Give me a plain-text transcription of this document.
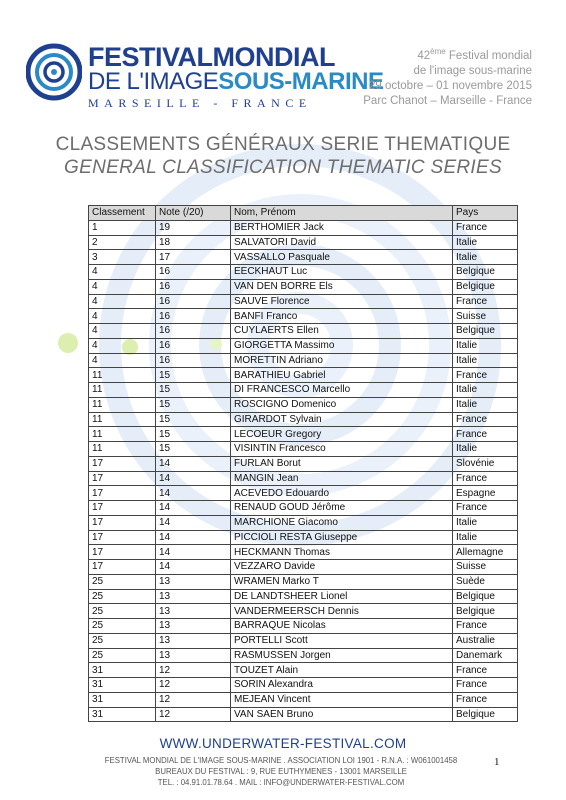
FESTIVALMONDIAL
DE L'IMAGESOUS-MARINE
MARSEILLE - FRANCE
42ème Festival mondial
de l'image sous-marine
29 octobre – 01 novembre 2015
Parc Chanot – Marseille - France
CLASSEMENTS GÉNÉRAUX SERIE THEMATIQUE
GENERAL CLASSIFICATION THEMATIC SERIES
Classement	Note (/20)	Nom, Prénom	Pays
1	19	BERTHOMIER Jack	France
2	18	SALVATORI David	Italie
3	17	VASSALLO Pasquale	Italie
4	16	EECKHAUT Luc	Belgique
4	16	VAN DEN BORRE Els	Belgique
4	16	SAUVE Florence	France
4	16	BANFI Franco	Suisse
4	16	CUYLAERTS Ellen	Belgique
4	16	GIORGETTA Massimo	Italie
4	16	MORETTIN Adriano	Italie
11	15	BARATHIEU Gabriel	France
11	15	DI FRANCESCO Marcello	Italie
11	15	ROSCIGNO Domenico	Italie
11	15	GIRARDOT Sylvain	France
11	15	LECOEUR Gregory	France
11	15	VISINTIN Francesco	Italie
17	14	FURLAN Borut	Slovénie
17	14	MANGIN Jean	France
17	14	ACEVEDO Edouardo	Espagne
17	14	RENAUD GOUD Jérôme	France
17	14	MARCHIONE Giacomo	Italie
17	14	PICCIOLI RESTA Giuseppe	Italie
17	14	HECKMANN Thomas	Allemagne
17	14	VEZZARO Davide	Suisse
25	13	WRAMEN Marko T	Suède
25	13	DE LANDTSHEER Lionel	Belgique
25	13	VANDERMEERSCH Dennis	Belgique
25	13	BARRAQUE Nicolas	France
25	13	PORTELLI Scott	Australie
25	13	RASMUSSEN Jorgen	Danemark
31	12	TOUZET Alain	France
31	12	SORIN Alexandra	France
31	12	MEJEAN Vincent	France
31	12	VAN SAEN Bruno	Belgique
WWW.UNDERWATER-FESTIVAL.COM
FESTIVAL MONDIAL DE L'IMAGE SOUS-MARINE . ASSOCIATION LOI 1901 - R.N.A. : W061001458
BUREAUX DU FESTIVAL : 9, RUE EUTHYMENES - 13001 MARSEILLE
TEL. : 04.91.01.78.64 . MAIL : INFO@UNDERWATER-FESTIVAL.COM
1
